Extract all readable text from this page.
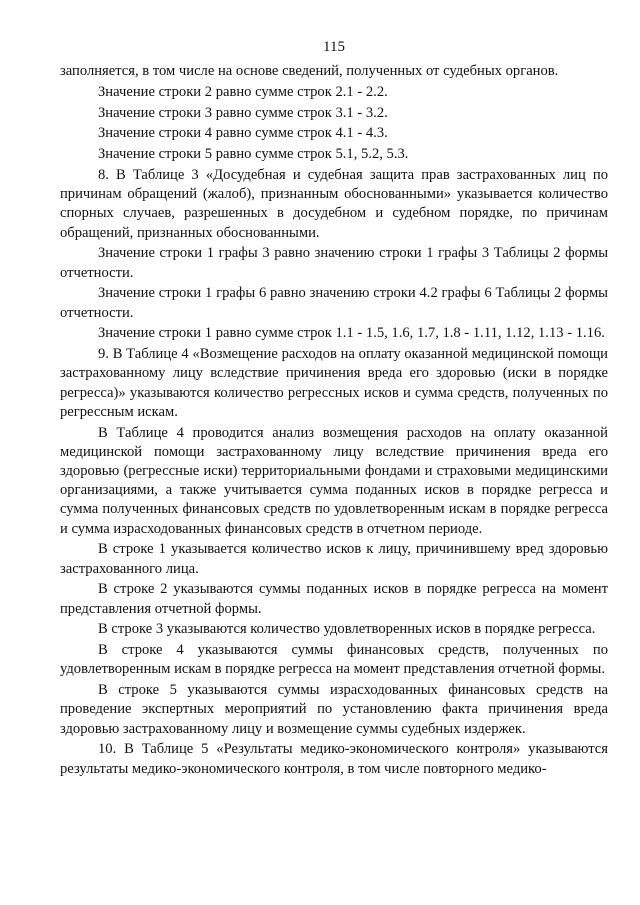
115

заполняется, в том числе на основе сведений, полученных от судебных органов.

Значение строки 2 равно сумме строк 2.1 - 2.2.

Значение строки 3 равно сумме строк 3.1 - 3.2.

Значение строки 4 равно сумме строк 4.1 - 4.3.

Значение строки 5 равно сумме строк 5.1, 5.2, 5.3.

8. В Таблице 3 «Досудебная и судебная защита прав застрахованных лиц по причинам обращений (жалоб), признанным обоснованными» указывается количество спорных случаев, разрешенных в досудебном и судебном порядке, по причинам обращений, признанных обоснованными.

Значение строки 1 графы 3 равно значению строки 1 графы 3 Таблицы 2 формы отчетности.

Значение строки 1 графы 6 равно значению строки 4.2 графы 6 Таблицы 2 формы отчетности.

Значение строки 1 равно сумме строк 1.1 - 1.5, 1.6, 1.7, 1.8 - 1.11, 1.12, 1.13 - 1.16.

9. В Таблице 4 «Возмещение расходов на оплату оказанной медицинской помощи застрахованному лицу вследствие причинения вреда его здоровью (иски в порядке регресса)» указываются количество регрессных исков и сумма средств, полученных по регрессным искам.

В Таблице 4 проводится анализ возмещения расходов на оплату оказанной медицинской помощи застрахованному лицу вследствие причинения вреда его здоровью (регрессные иски) территориальными фондами и страховыми медицинскими организациями, а также учитывается сумма поданных исков в порядке регресса и сумма полученных финансовых средств по удовлетворенным искам в порядке регресса и сумма израсходованных финансовых средств в отчетном периоде.

В строке 1 указывается количество исков к лицу, причинившему вред здоровью застрахованного лица.

В строке 2 указываются суммы поданных исков в порядке регресса на момент представления отчетной формы.

В строке 3 указываются количество удовлетворенных исков в порядке регресса.

В строке 4 указываются суммы финансовых средств, полученных по удовлетворенным искам в порядке регресса на момент представления отчетной формы.

В строке 5 указываются суммы израсходованных финансовых средств на проведение экспертных мероприятий по установлению факта причинения вреда здоровью застрахованному лицу и возмещение суммы судебных издержек.

10. В Таблице 5 «Результаты медико-экономического контроля» указываются результаты медико-экономического контроля, в том числе повторного медико-
